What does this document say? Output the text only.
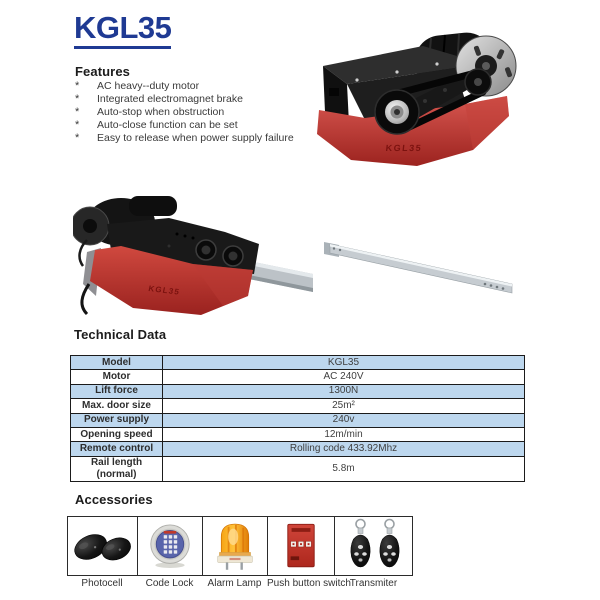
KGL35
Features
*	AC heavy--duty motor
*	Integrated electromagnet brake
*	Auto-stop when obstruction
*	Auto-close function can be set
*	Easy to release when power supply failure
KGL35
KGL35
Technical Data
Model	KGL35
Motor	AC 240V
Lift force	1300N
Max. door size	25m²
Power supply	240v
Opening speed	12m/min
Remote control	Rolling code 433.92Mhz
Rail length (normal)	5.8m
Accessories
Photocell	Code Lock	Alarm Lamp Push button switch
Transmiter
